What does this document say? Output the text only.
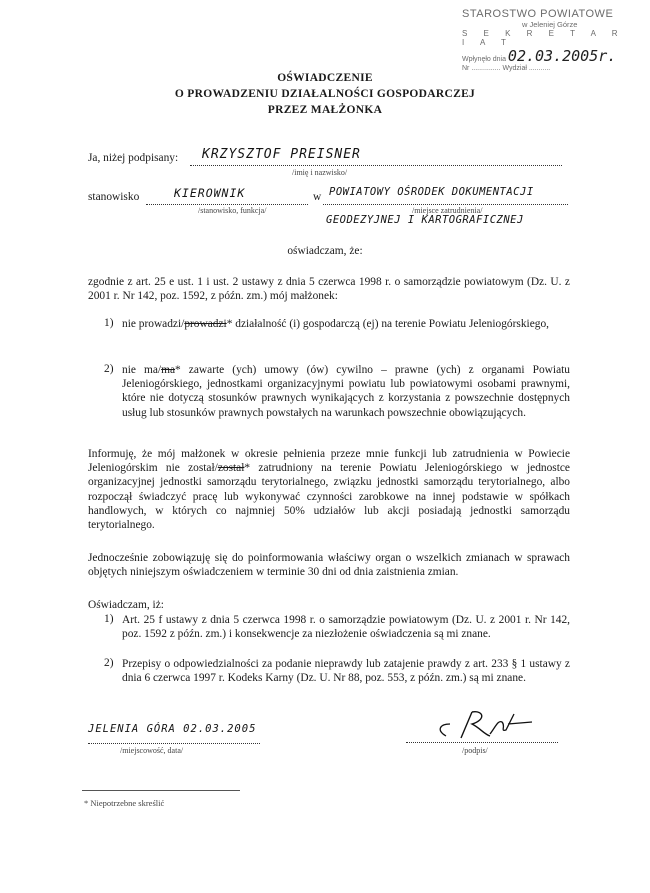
STAROSTWO POWIATOWE
w Jeleniej Górze
S E K R E T A R I A T
Wpłynęło dnia 02.03.2005r.
Nr ............... Wydział ...........
OŚWIADCZENIE
O PROWADZENIU DZIAŁALNOŚCI GOSPODARCZEJ
PRZEZ MAŁŻONKA
Ja, niżej podpisany: KRZYSZTOF PREISNER
/imię i nazwisko/
stanowisko	KIEROWNIK	w POWIATOWY OŚRODEK DOKUMENTACJI
/stanowisko, funkcja/	/miejsce zatrudnienia/
GEODEZYJNEJ I KARTOGRAFICZNEJ
oświadczam, że:
zgodnie z art. 25 e ust. 1 i ust. 2 ustawy z dnia 5 czerwca 1998 r. o samorządzie powiatowym (Dz. U. z 2001 r. Nr 142, poz. 1592, z późn. zm.) mój małżonek:
1) nie prowadzi/prowadzi* działalność (i) gospodarczą (ej) na terenie Powiatu Jeleniogórskiego,
2) nie ma/ma* zawarte (ych) umowy (ów) cywilno – prawne (ych) z organami Powiatu Jeleniogórskiego, jednostkami organizacyjnymi powiatu lub powiatowymi osobami prawnymi, które nie dotyczą stosunków prawnych wynikających z korzystania z powszechnie dostępnych usług lub stosunków prawnych powstałych na warunkach powszechnie obowiązujących.
Informuję, że mój małżonek w okresie pełnienia przeze mnie funkcji lub zatrudnienia w Powiecie Jeleniogórskim nie został/został* zatrudniony na terenie Powiatu Jeleniogórskiego w jednostce organizacyjnej jednostki samorządu terytorialnego, związku jednostki samorządu terytorialnego, albo rozpoczął świadczyć pracę lub wykonywać czynności zarobkowe na innej podstawie w spółkach handlowych, w których co najmniej 50% udziałów lub akcji posiadają jednostki samorządu terytorialnego.
Jednocześnie zobowiązuję się do poinformowania właściwy organ o wszelkich zmianach w sprawach objętych niniejszym oświadczeniem w terminie 30 dni od dnia zaistnienia zmian.
Oświadczam, iż:
1) Art. 25 f ustawy z dnia 5 czerwca 1998 r. o samorządzie powiatowym (Dz. U. z 2001 r. Nr 142, poz. 1592 z późn. zm.) i konsekwencje za niezłożenie oświadczenia są mi znane.
2) Przepisy o odpowiedzialności za podanie nieprawdy lub zatajenie prawdy z art. 233 § 1 ustawy z dnia 6 czerwca 1997 r. Kodeks Karny (Dz. U. Nr 88, poz. 553, z późn. zm.) są mi znane.
JELENIA GÓRA 02.03.2005
/miejscowość, data/	/podpis/
* Niepotrzebne skreślić
